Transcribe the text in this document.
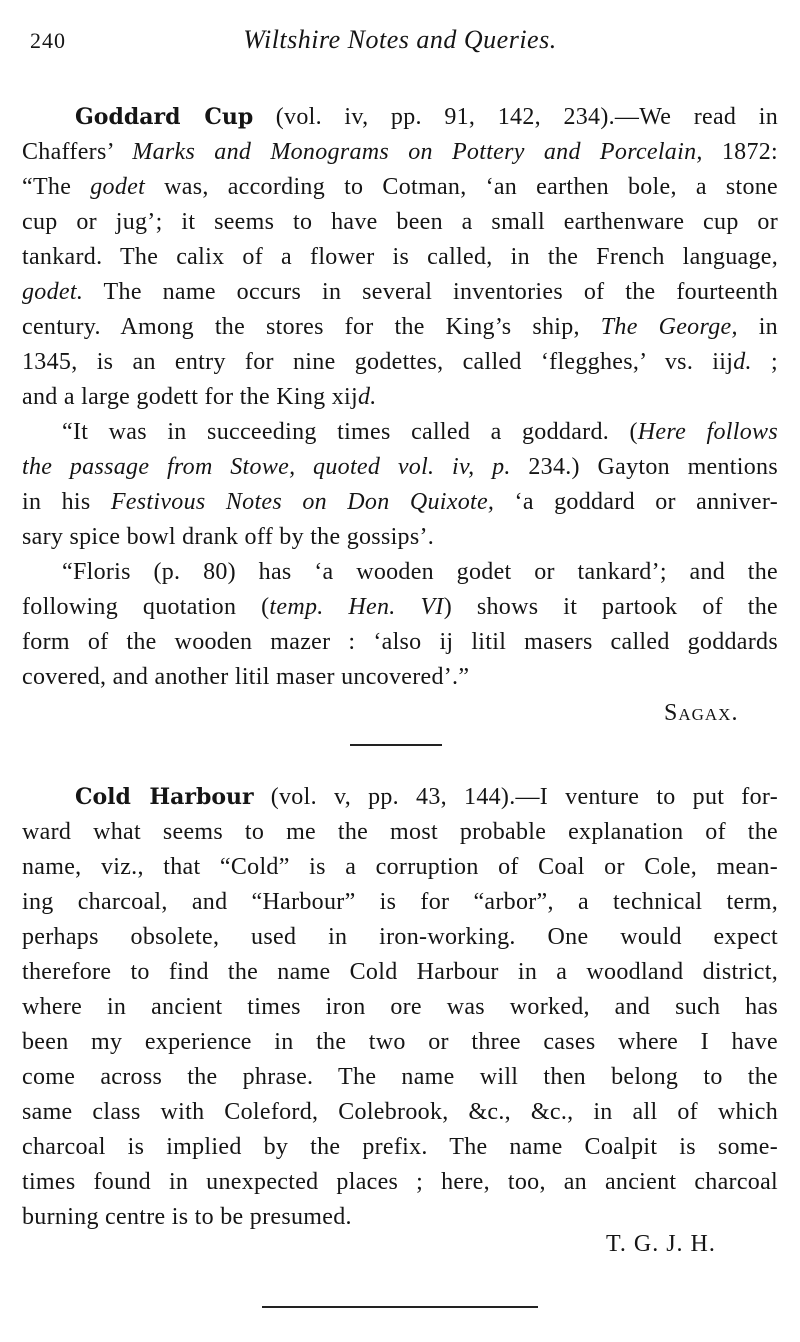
240	Wiltshire Notes and Queries.
Goddard Cup (vol. iv, pp. 91, 142, 234).—We read in
Chaffers’ Marks and Monograms on Pottery and Porcelain, 1872:
“The godet was, according to Cotman, ‘an earthen bole, a stone
cup or jug’; it seems to have been a small earthenware cup or
tankard. The calix of a flower is called, in the French language,
godet. The name occurs in several inventories of the fourteenth
century. Among the stores for the King’s ship, The George, in
1345, is an entry for nine godettes, called ‘flegghes,’ vs. iijd. ;
and a large godett for the King xijd.
“It was in succeeding times called a goddard. (Here follows
the passage from Stowe, quoted vol. iv, p. 234.) Gayton mentions
in his Festivous Notes on Don Quixote, ‘a goddard or anniver-
sary spice bowl drank off by the gossips’.
“Floris (p. 80) has ‘a wooden godet or tankard’; and the
following quotation (temp. Hen. VI) shows it partook of the
form of the wooden mazer : ‘also ij litil masers called goddards
covered, and another litil maser uncovered’.”
Sagax.
Cold Harbour (vol. v, pp. 43, 144).—I venture to put for-
ward what seems to me the most probable explanation of the
name, viz., that “Cold” is a corruption of Coal or Cole, mean-
ing charcoal, and “Harbour” is for “arbor”, a technical term,
perhaps obsolete, used in iron-working. One would expect
therefore to find the name Cold Harbour in a woodland district,
where in ancient times iron ore was worked, and such has
been my experience in the two or three cases where I have
come across the phrase. The name will then belong to the
same class with Coleford, Colebrook, &c., &c., in all of which
charcoal is implied by the prefix. The name Coalpit is some-
times found in unexpected places ; here, too, an ancient charcoal
burning centre is to be presumed.
T. G. J. H.
